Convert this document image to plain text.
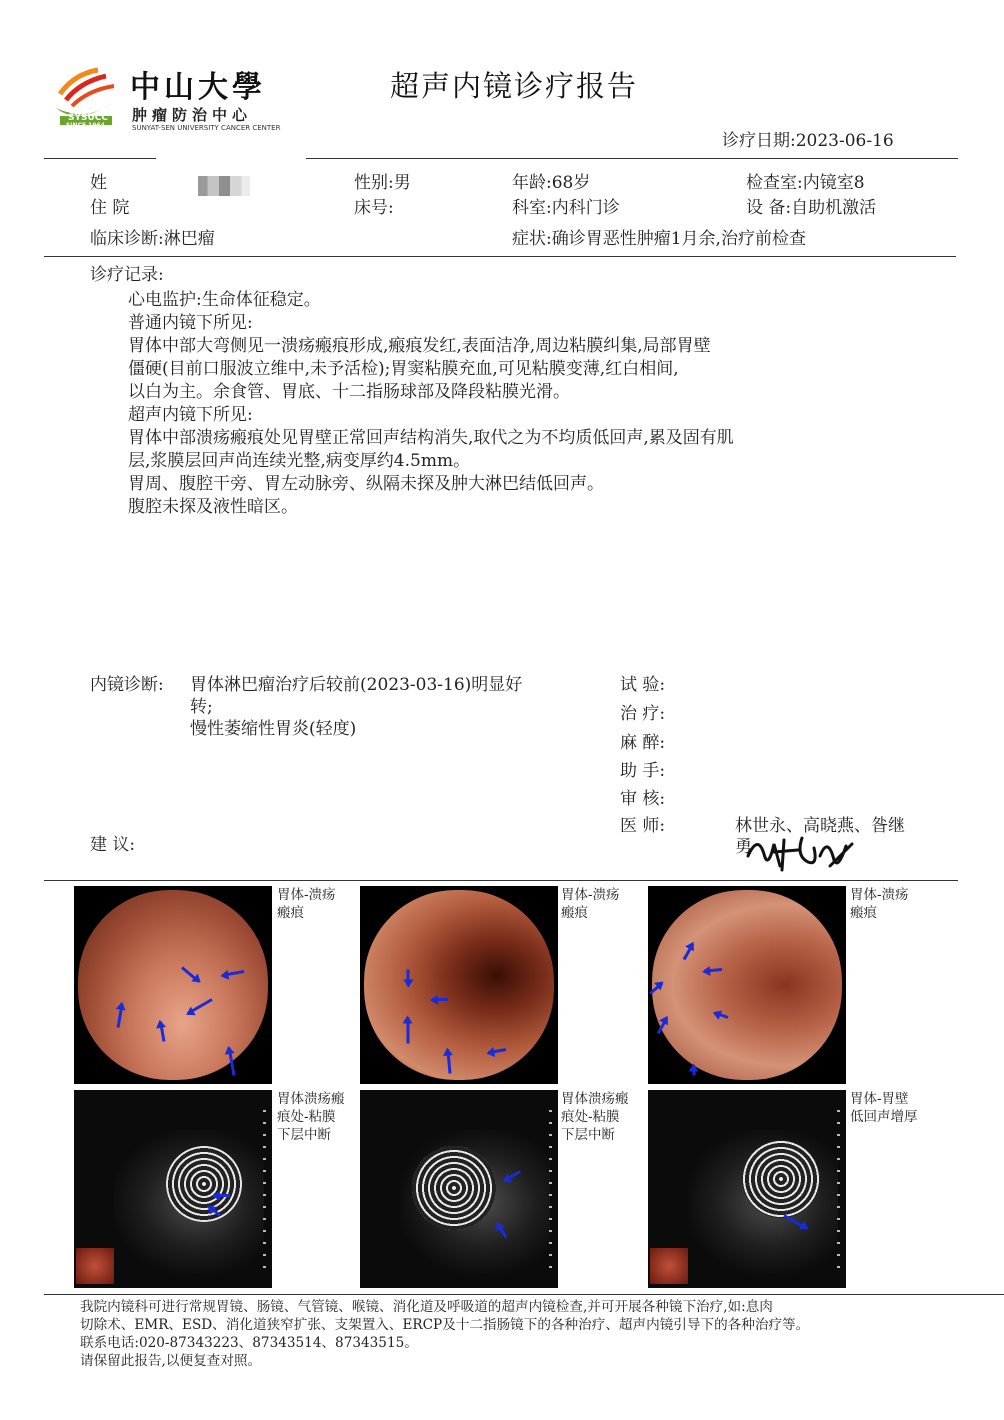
SYSUCC
SINCE 1964
中山大學
肿瘤防治中心
SUNYAT-SEN UNIVERSITY CANCER CENTER
超声内镜诊疗报告
诊疗日期:2023-06-16
姓	性别:男	年龄:68岁	检查室:内镜室8
住 院	床号:	科室:内科门诊	设 备:自助机激活
临床诊断:淋巴瘤	症状:确诊胃恶性肿瘤1月余,治疗前检查
诊疗记录:
心电监护:生命体征稳定。
普通内镜下所见:
胃体中部大弯侧见一溃疡瘢痕形成,瘢痕发红,表面洁净,周边粘膜纠集,局部胃壁
僵硬(目前口服波立维中,未予活检);胃窦粘膜充血,可见粘膜变薄,红白相间,
以白为主。余食管、胃底、十二指肠球部及降段粘膜光滑。
超声内镜下所见:
胃体中部溃疡瘢痕处见胃壁正常回声结构消失,取代之为不均质低回声,累及固有肌
层,浆膜层回声尚连续光整,病变厚约4.5mm。
胃周、腹腔干旁、胃左动脉旁、纵隔未探及肿大淋巴结低回声。
腹腔未探及液性暗区。
内镜诊断: 胃体淋巴瘤治疗后较前(2023-03-16)明显好
转;
慢性萎缩性胃炎(轻度)
建 议:
试 验:
治 疗:
麻 醉:
助 手:
审 核:
医 师:	林世永、高晓燕、昝继
勇
胃体-溃疡瘢痕
胃体-溃疡瘢痕
胃体-溃疡瘢痕
胃体溃疡瘢痕处-粘膜下层中断
胃体溃疡瘢痕处-粘膜下层中断
胃体-胃壁低回声增厚
我院内镜科可进行常规胃镜、肠镜、气管镜、喉镜、消化道及呼吸道的超声内镜检查,并可开展各种镜下治疗,如:息肉
切除术、EMR、ESD、消化道狭窄扩张、支架置入、ERCP及十二指肠镜下的各种治疗、超声内镜引导下的各种治疗等。
联系电话:020-87343223、87343514、87343515。
请保留此报告,以便复查对照。
